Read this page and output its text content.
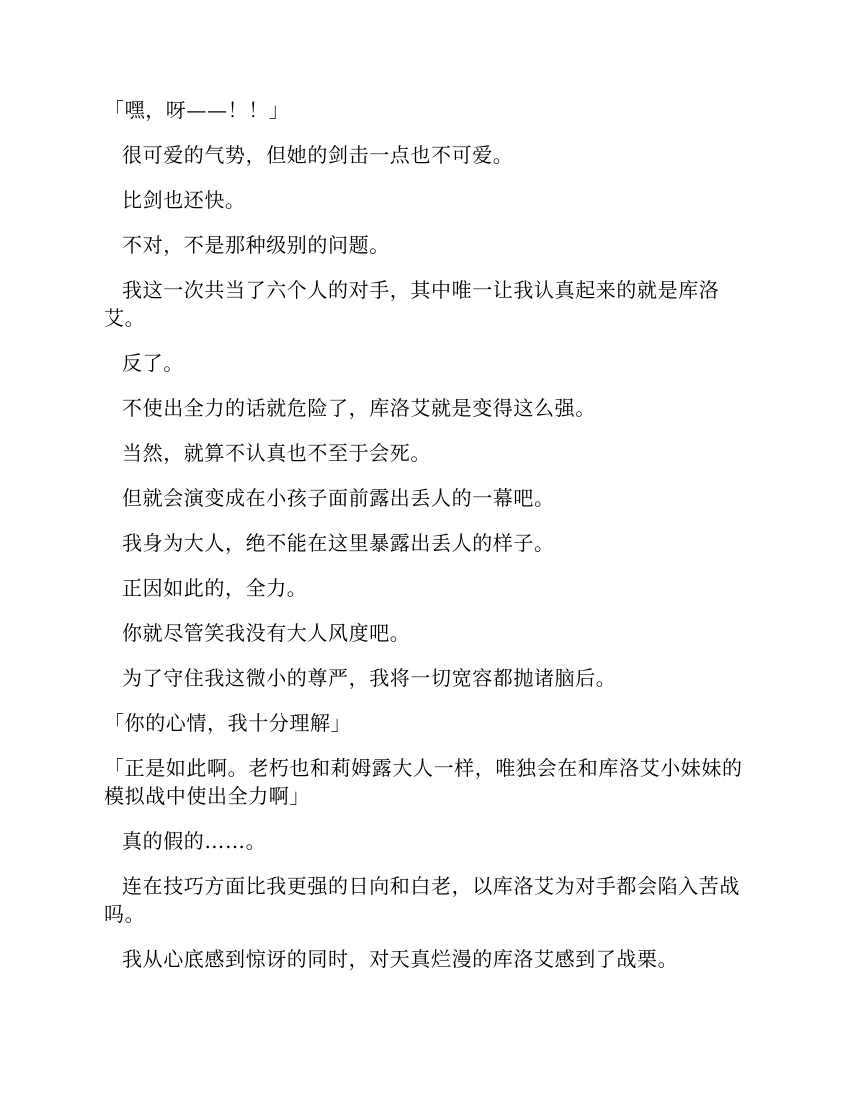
「嘿，呀——！！」

很可爱的气势，但她的剑击一点也不可爱。

比剑也还快。

不对，不是那种级别的问题。

我这一次共当了六个人的对手，其中唯一让我认真起来的就是库洛艾。

反了。

不使出全力的话就危险了，库洛艾就是变得这么强。

当然，就算不认真也不至于会死。

但就会演变成在小孩子面前露出丢人的一幕吧。

我身为大人，绝不能在这里暴露出丢人的样子。

正因如此的，全力。

你就尽管笑我没有大人风度吧。

为了守住我这微小的尊严，我将一切宽容都抛诸脑后。

「你的心情，我十分理解」

「正是如此啊。老朽也和莉姆露大人一样，唯独会在和库洛艾小妹妹的模拟战中使出全力啊」

真的假的……。

连在技巧方面比我更强的日向和白老，以库洛艾为对手都会陷入苦战吗。

我从心底感到惊讶的同时，对天真烂漫的库洛艾感到了战栗。
